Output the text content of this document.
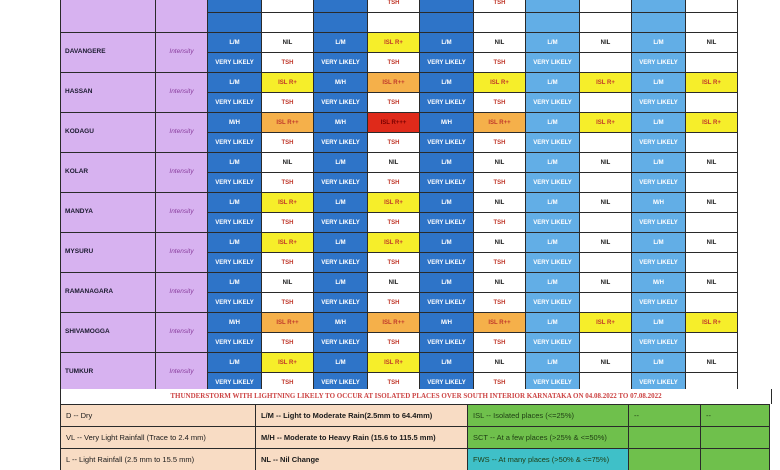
					TSH		TSH				

DAVANGERE	Intensity	L/M	NIL	L/M	ISL R+	L/M	NIL	L/M	NIL	L/M	NIL
		VERY LIKELY	TSH	VERY LIKELY	TSH	VERY LIKELY	TSH	VERY LIKELY		VERY LIKELY	
HASSAN	Intensity	L/M	ISL R+	M/H	ISL R++	L/M	ISL R+	L/M	ISL R+	L/M	ISL R+
		VERY LIKELY	TSH	VERY LIKELY	TSH	VERY LIKELY	TSH	VERY LIKELY		VERY LIKELY	
KODAGU	Intensity	M/H	ISL R++	M/H	ISL R+++	M/H	ISL R++	L/M	ISL R+	L/M	ISL R+
		VERY LIKELY	TSH	VERY LIKELY	TSH	VERY LIKELY	TSH	VERY LIKELY		VERY LIKELY	
KOLAR	Intensity	L/M	NIL	L/M	NIL	L/M	NIL	L/M	NIL	L/M	NIL
		VERY LIKELY	TSH	VERY LIKELY	TSH	VERY LIKELY	TSH	VERY LIKELY		VERY LIKELY	
MANDYA	Intensity	L/M	ISL R+	L/M	ISL R+	L/M	NIL	L/M	NIL	M/H	NIL
		VERY LIKELY	TSH	VERY LIKELY	TSH	VERY LIKELY	TSH	VERY LIKELY		VERY LIKELY	
MYSURU	Intensity	L/M	ISL R+	L/M	ISL R+	L/M	NIL	L/M	NIL	L/M	NIL
		VERY LIKELY	TSH	VERY LIKELY	TSH	VERY LIKELY	TSH	VERY LIKELY		VERY LIKELY	
RAMANAGARA	Intensity	L/M	NIL	L/M	NIL	L/M	NIL	L/M	NIL	M/H	NIL
		VERY LIKELY	TSH	VERY LIKELY	TSH	VERY LIKELY	TSH	VERY LIKELY		VERY LIKELY	
SHIVAMOGGA	Intensity	M/H	ISL R++	M/H	ISL R++	M/H	ISL R++	L/M	ISL R+	L/M	ISL R+
		VERY LIKELY	TSH	VERY LIKELY	TSH	VERY LIKELY	TSH	VERY LIKELY		VERY LIKELY	
TUMKUR	Intensity	L/M	ISL R+	L/M	ISL R+	L/M	NIL	L/M	NIL	L/M	NIL
		VERY LIKELY	TSH	VERY LIKELY	TSH	VERY LIKELY	TSH	VERY LIKELY		VERY LIKELY	
THUNDERSTORM WITH LIGHTNING LIKELY TO OCCUR AT ISOLATED PLACES OVER SOUTH INTERIOR KARNATAKA ON 04.08.2022 TO 07.08.2022
D -- Dry	L/M -- Light to Moderate Rain(2.5mm to 64.4mm)	ISL -- Isolated places (<=25%)	--	--
VL -- Very Light Rainfall (Trace to 2.4 mm)	M/H -- Moderate to Heavy Rain (15.6 to 115.5 mm)	SCT -- At a few places (>25% & <=50%)		
L -- Light Rainfall (2.5 mm to 15.5 mm)	NL -- Nil Change	FWS -- At many places (>50% & <=75%)		
